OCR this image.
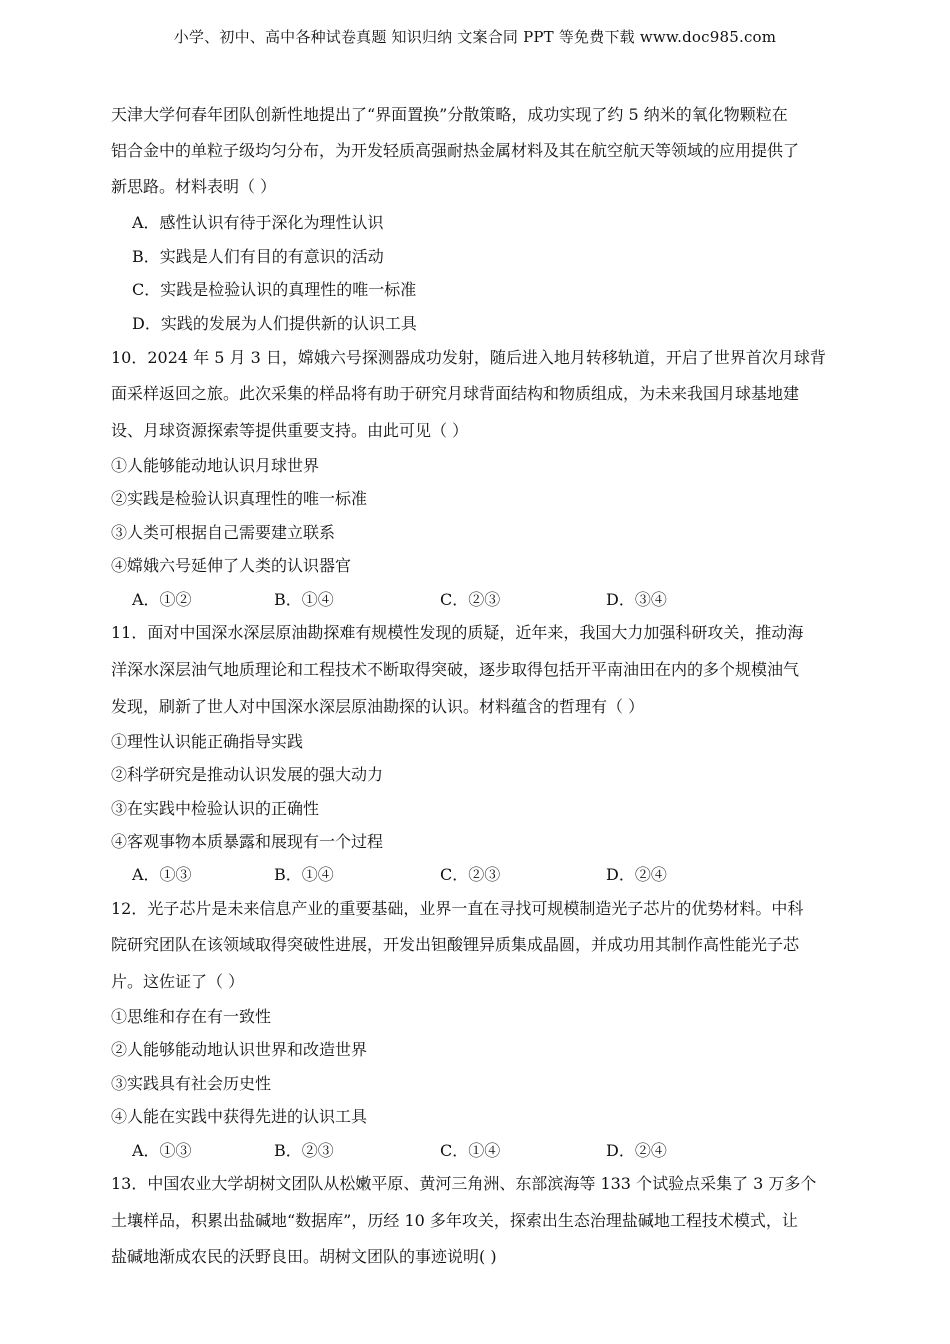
小学、初中、高中各种试卷真题 知识归纳 文案合同 PPT 等免费下载 www.doc985.com
天津大学何春年团队创新性地提出了“界面置换”分散策略，成功实现了约 5 纳米的氧化物颗粒在
铝合金中的单粒子级均匀分布，为开发轻质高强耐热金属材料及其在航空航天等领域的应用提供了
新思路。材料表明（ ）
A．感性认识有待于深化为理性认识
B．实践是人们有目的有意识的活动
C．实践是检验认识的真理性的唯一标准
D．实践的发展为人们提供新的认识工具
10．2024 年 5 月 3 日，嫦娥六号探测器成功发射，随后进入地月转移轨道，开启了世界首次月球背
面采样返回之旅。此次采集的样品将有助于研究月球背面结构和物质组成，为未来我国月球基地建
设、月球资源探索等提供重要支持。由此可见（ ）
①人能够能动地认识月球世界
②实践是检验认识真理性的唯一标准
③人类可根据自己需要建立联系
④嫦娥六号延伸了人类的认识器官
A．①②	B．①④	C．②③	D．③④
11．面对中国深水深层原油勘探难有规模性发现的质疑，近年来，我国大力加强科研攻关，推动海
洋深水深层油气地质理论和工程技术不断取得突破，逐步取得包括开平南油田在内的多个规模油气
发现，刷新了世人对中国深水深层原油勘探的认识。材料蕴含的哲理有（ ）
①理性认识能正确指导实践
②科学研究是推动认识发展的强大动力
③在实践中检验认识的正确性
④客观事物本质暴露和展现有一个过程
A．①③	B．①④	C．②③	D．②④
12．光子芯片是未来信息产业的重要基础，业界一直在寻找可规模制造光子芯片的优势材料。中科
院研究团队在该领域取得突破性进展，开发出钽酸锂异质集成晶圆，并成功用其制作高性能光子芯
片。这佐证了（ ）
①思维和存在有一致性
②人能够能动地认识世界和改造世界
③实践具有社会历史性
④人能在实践中获得先进的认识工具
A．①③	B．②③	C．①④	D．②④
13．中国农业大学胡树文团队从松嫩平原、黄河三角洲、东部滨海等 133 个试验点采集了 3 万多个
土壤样品，积累出盐碱地“数据库”，历经 10 多年攻关，探索出生态治理盐碱地工程技术模式，让
盐碱地渐成农民的沃野良田。胡树文团队的事迹说明( )
